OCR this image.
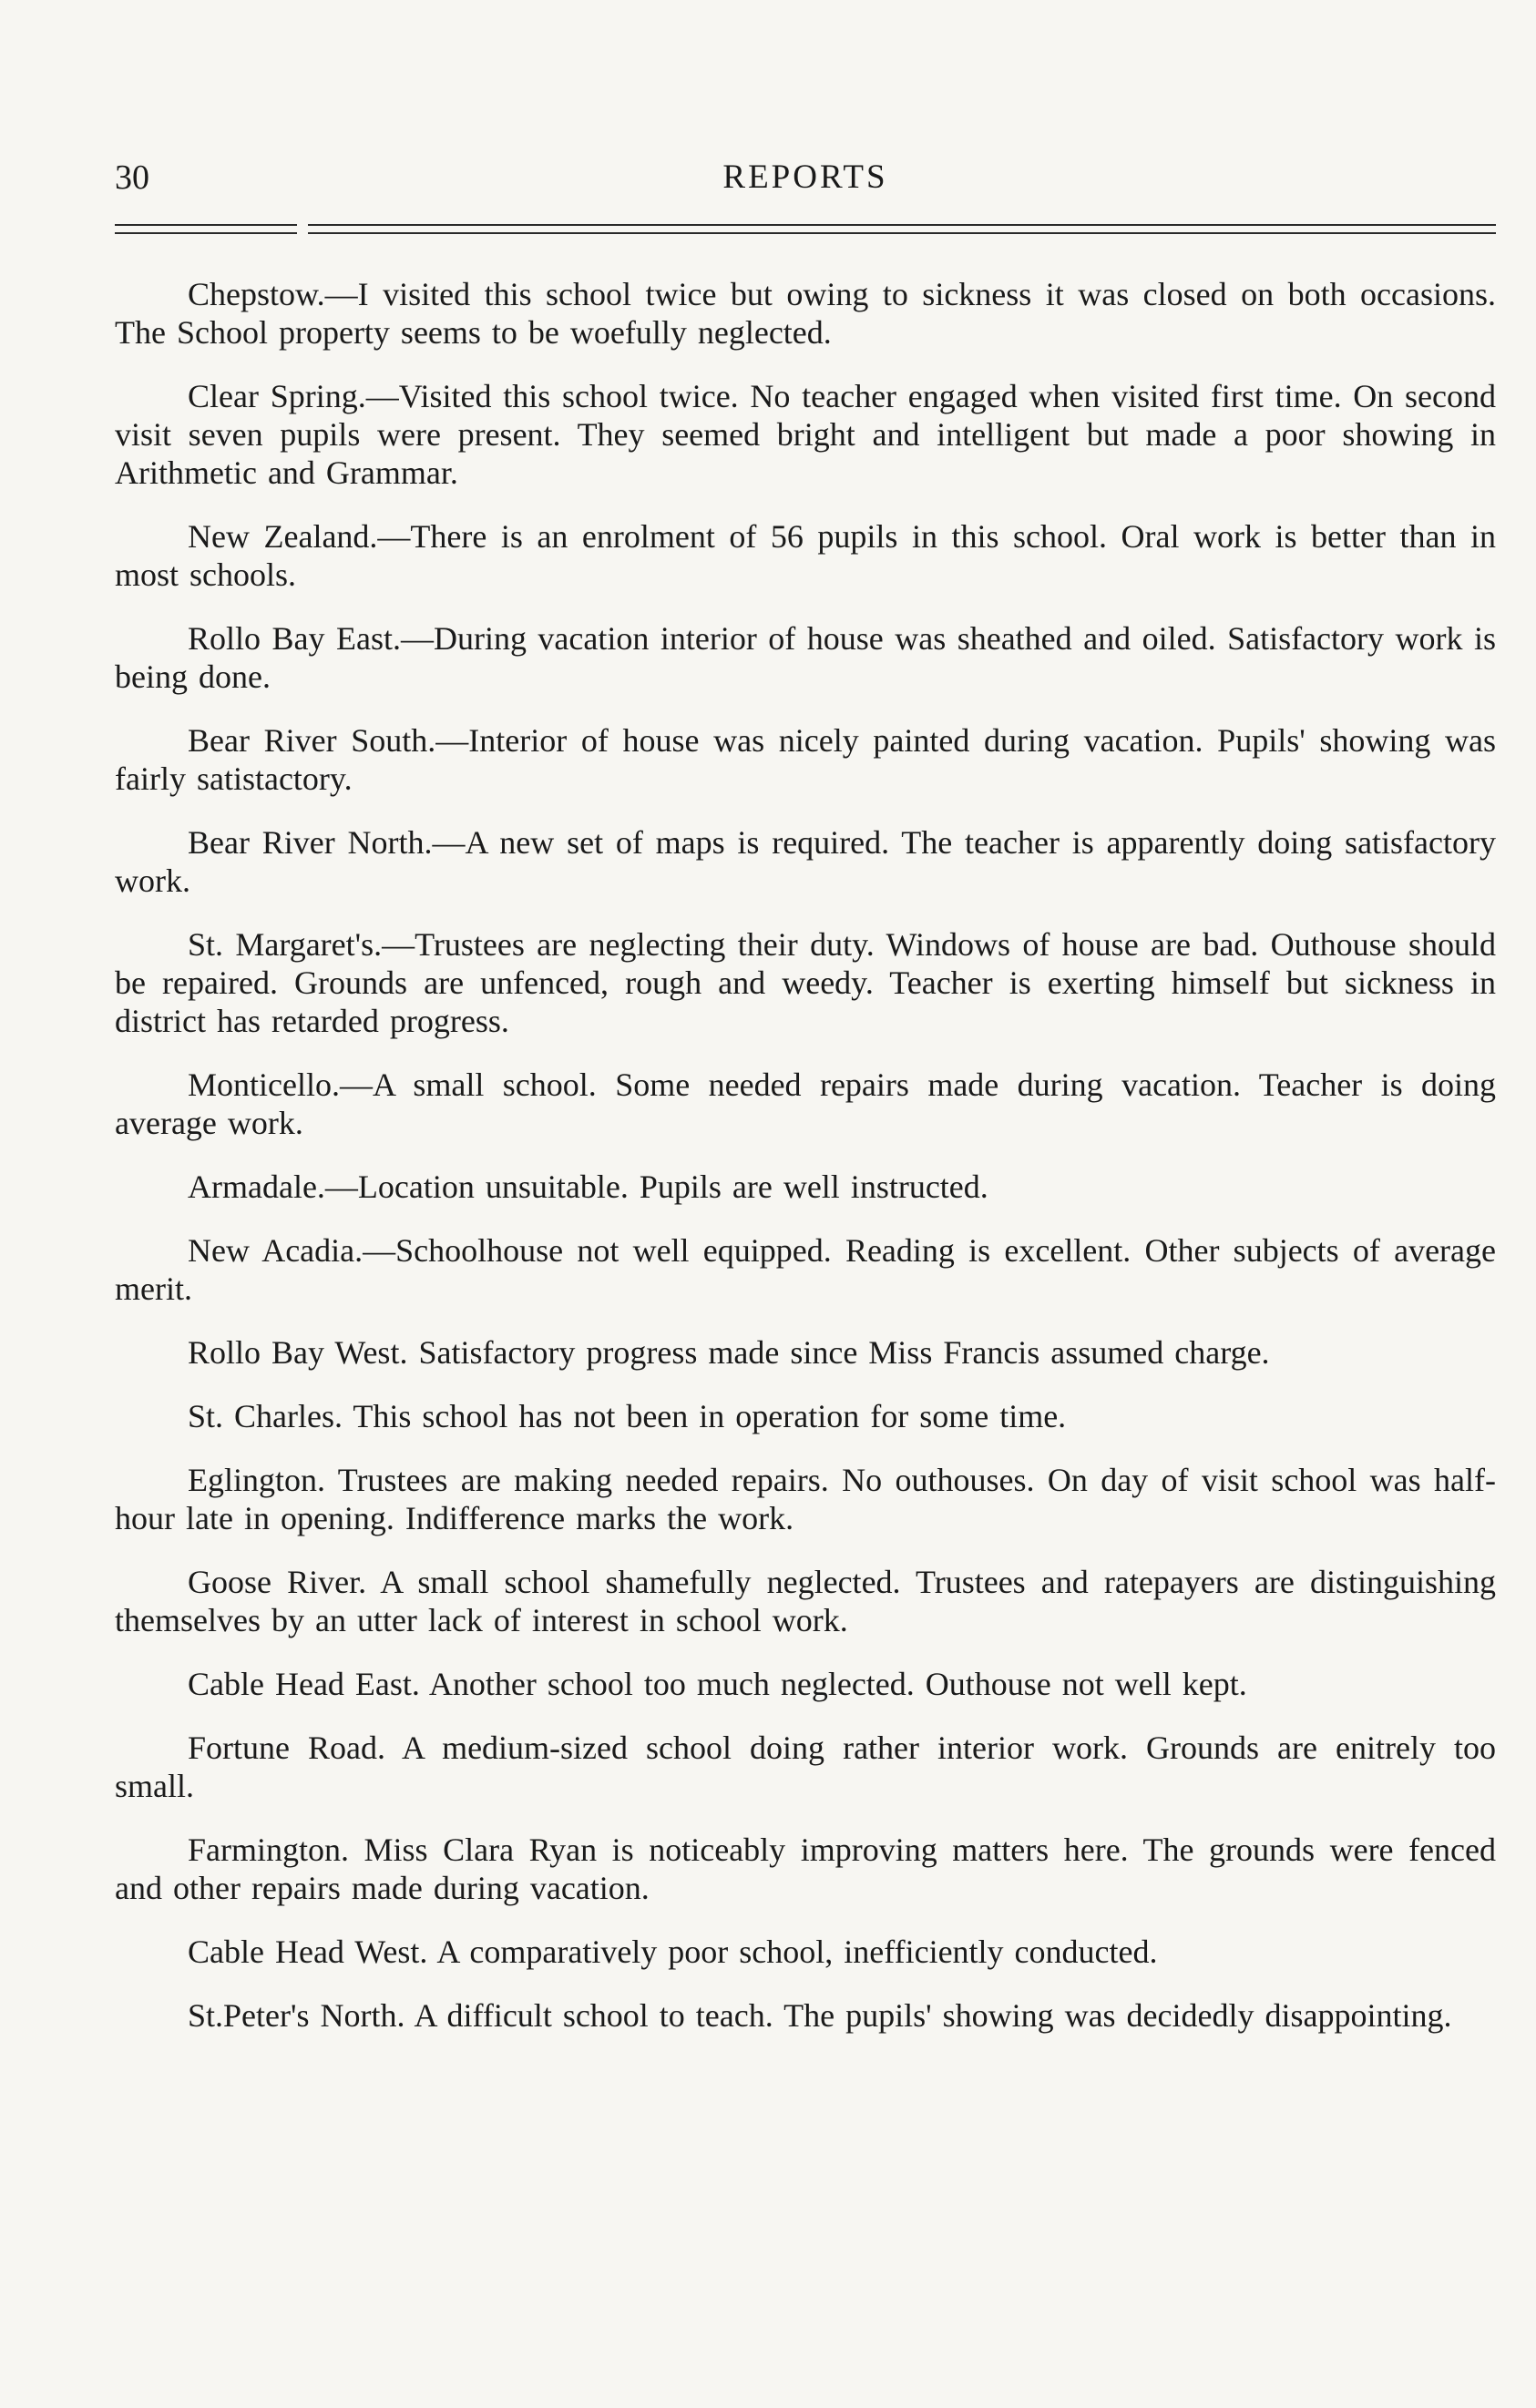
30	REPORTS

Chepstow.—I visited this school twice but owing to sickness it was closed on both occasions. The School property seems to be woefully neglected.

Clear Spring.—Visited this school twice. No teacher engaged when visited first time. On second visit seven pupils were present. They seemed bright and intelligent but made a poor showing in Arithmetic and Grammar.

New Zealand.—There is an enrolment of 56 pupils in this school. Oral work is better than in most schools.

Rollo Bay East.—During vacation interior of house was sheathed and oiled. Satisfactory work is being done.

Bear River South.—Interior of house was nicely painted during vacation. Pupils' showing was fairly satistactory.

Bear River North.—A new set of maps is required. The teacher is apparently doing satisfactory work.

St. Margaret's.—Trustees are neglecting their duty. Windows of house are bad. Outhouse should be repaired. Grounds are unfenced, rough and weedy. Teacher is exerting himself but sickness in district has retarded progress.

Monticello.—A small school. Some needed repairs made during vacation. Teacher is doing average work.

Armadale.—Location unsuitable. Pupils are well instructed.

New Acadia.—Schoolhouse not well equipped. Reading is excellent. Other subjects of average merit.

Rollo Bay West. Satisfactory progress made since Miss Francis assumed charge.

St. Charles. This school has not been in operation for some time.

Eglington. Trustees are making needed repairs. No outhouses. On day of visit school was half-hour late in opening. Indifference marks the work.

Goose River. A small school shamefully neglected. Trustees and ratepayers are distinguishing themselves by an utter lack of interest in school work.

Cable Head East. Another school too much neglected. Outhouse not well kept.

Fortune Road. A medium-sized school doing rather interior work. Grounds are enitrely too small.

Farmington. Miss Clara Ryan is noticeably improving matters here. The grounds were fenced and other repairs made during vacation.

Cable Head West. A comparatively poor school, inefficiently conducted.

St.Peter's North. A difficult school to teach. The pupils' showing was decidedly disappointing.
